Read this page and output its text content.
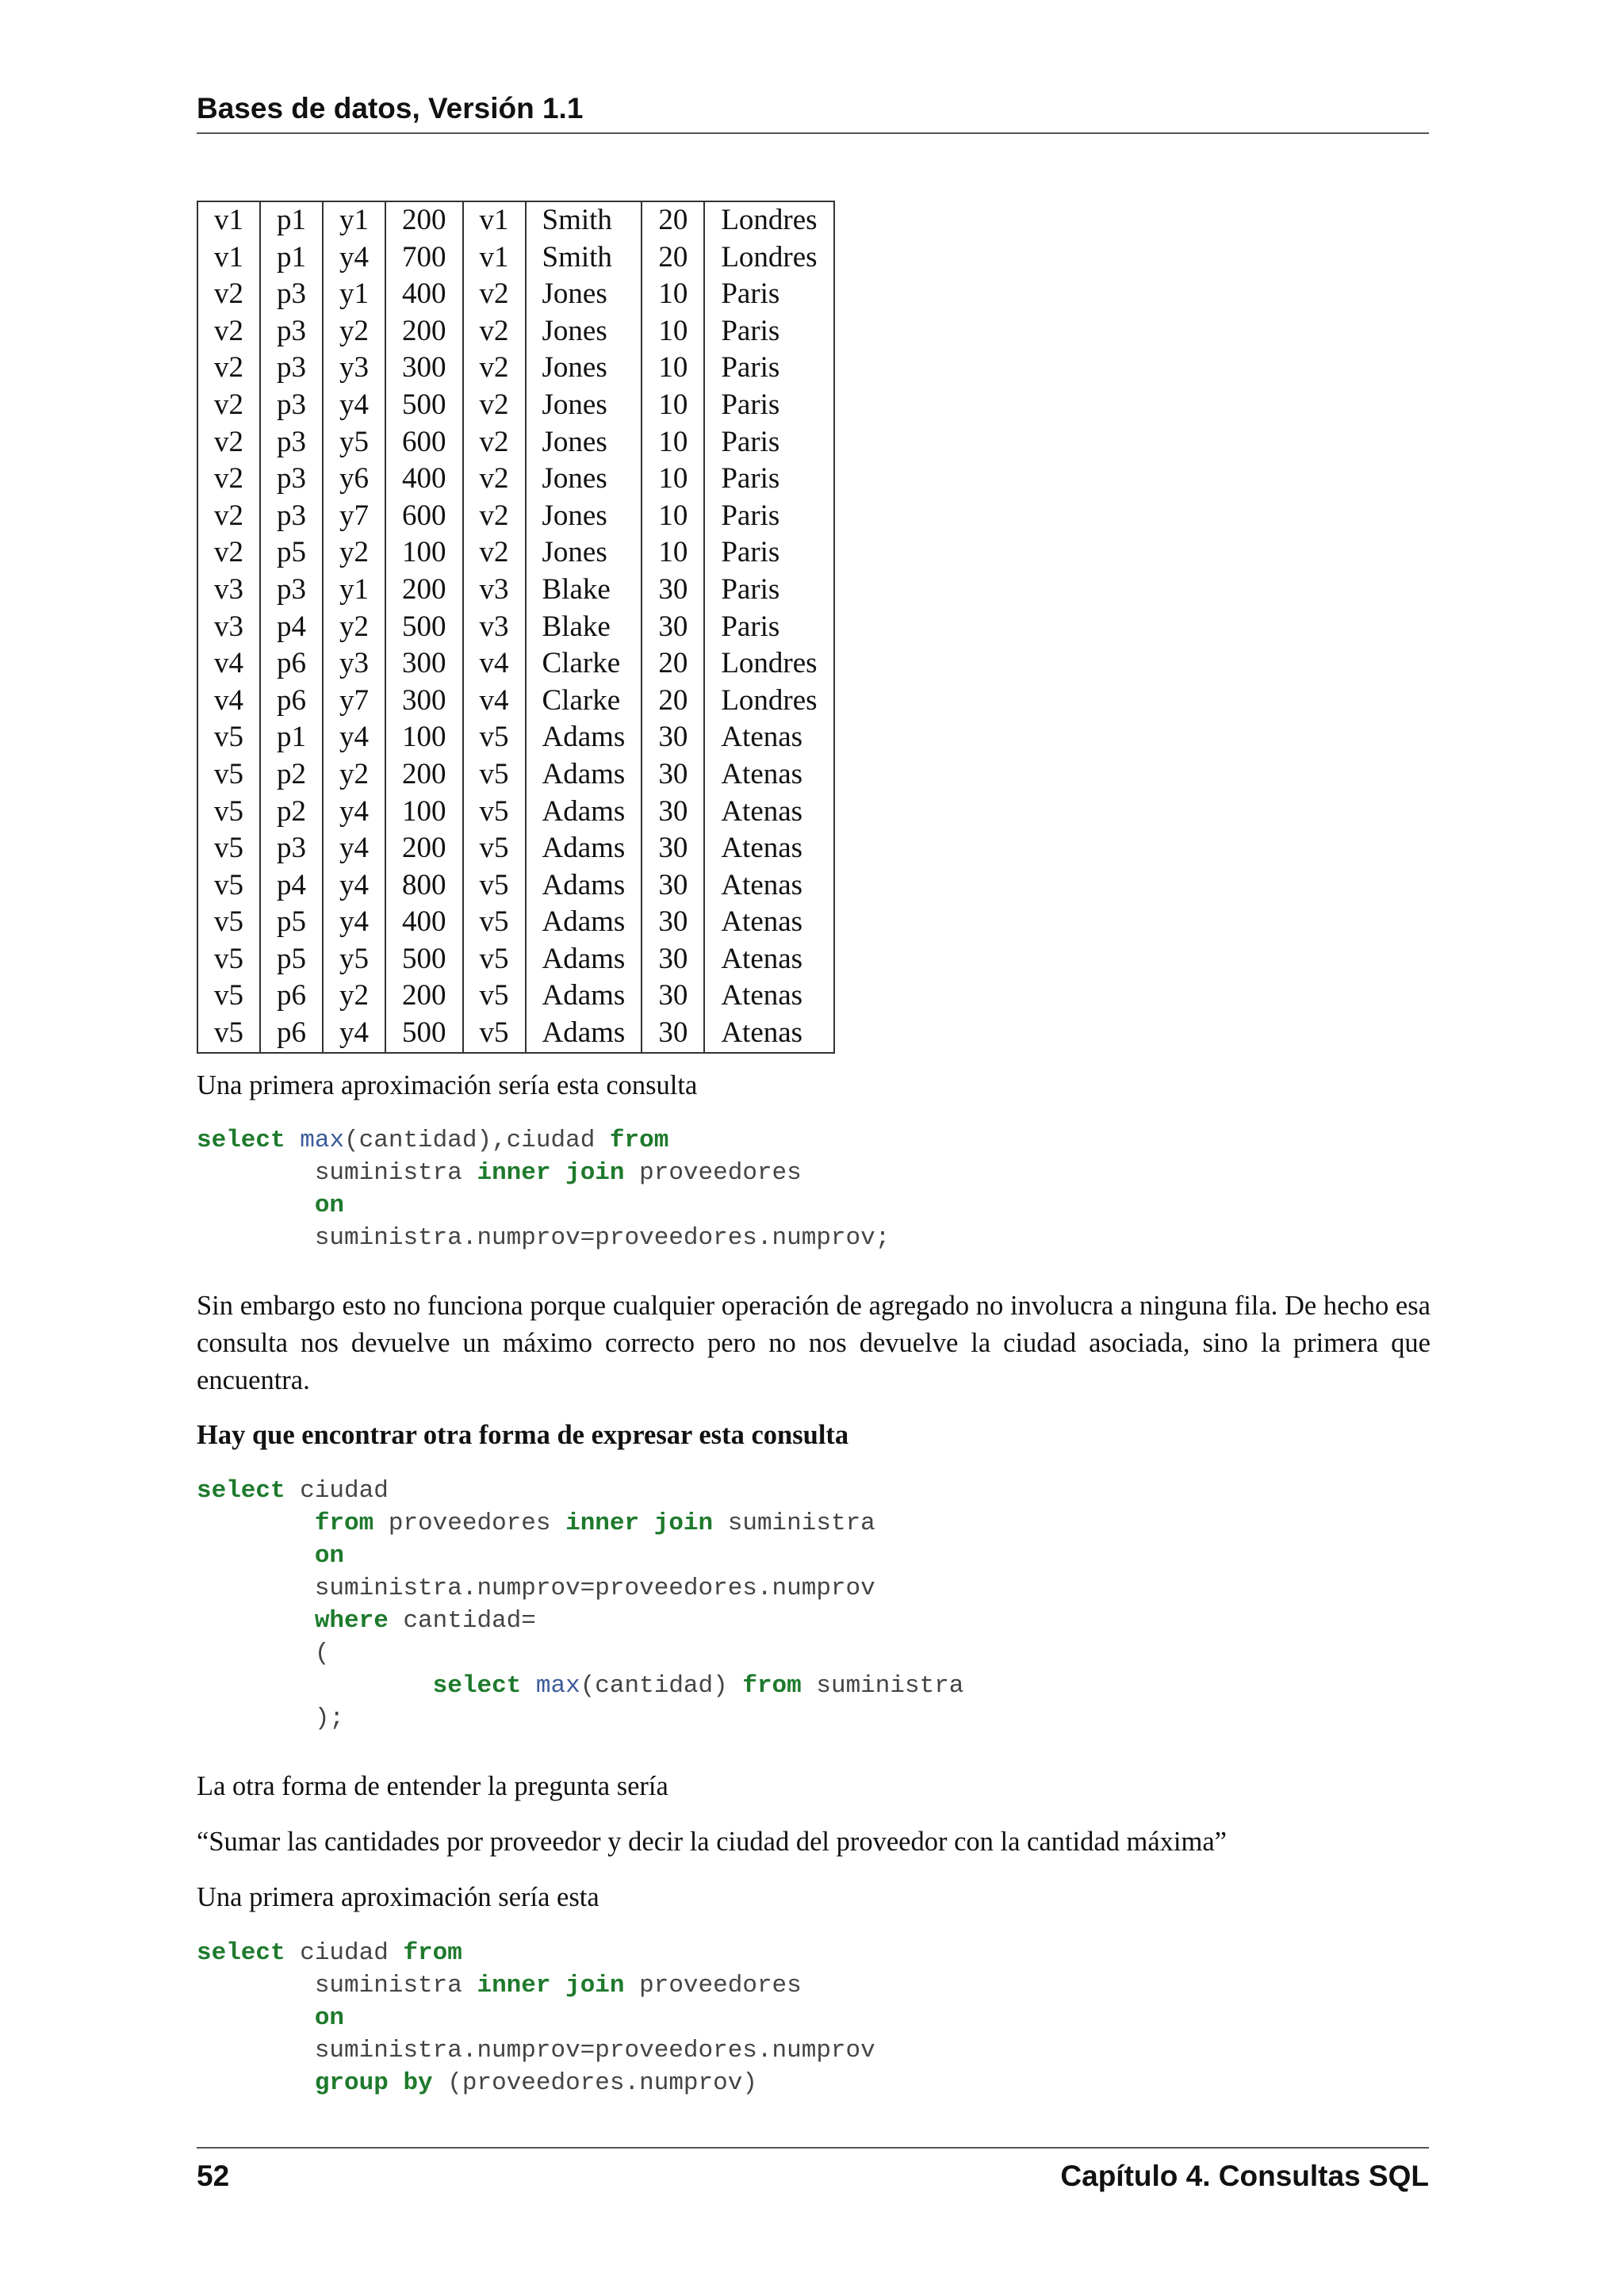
Bases de datos, Versión 1.1
v1	p1	y1	200	v1	Smith	20	Londres
v1	p1	y4	700	v1	Smith	20	Londres
v2	p3	y1	400	v2	Jones	10	Paris
v2	p3	y2	200	v2	Jones	10	Paris
v2	p3	y3	300	v2	Jones	10	Paris
v2	p3	y4	500	v2	Jones	10	Paris
v2	p3	y5	600	v2	Jones	10	Paris
v2	p3	y6	400	v2	Jones	10	Paris
v2	p3	y7	600	v2	Jones	10	Paris
v2	p5	y2	100	v2	Jones	10	Paris
v3	p3	y1	200	v3	Blake	30	Paris
v3	p4	y2	500	v3	Blake	30	Paris
v4	p6	y3	300	v4	Clarke	20	Londres
v4	p6	y7	300	v4	Clarke	20	Londres
v5	p1	y4	100	v5	Adams	30	Atenas
v5	p2	y2	200	v5	Adams	30	Atenas
v5	p2	y4	100	v5	Adams	30	Atenas
v5	p3	y4	200	v5	Adams	30	Atenas
v5	p4	y4	800	v5	Adams	30	Atenas
v5	p5	y4	400	v5	Adams	30	Atenas
v5	p5	y5	500	v5	Adams	30	Atenas
v5	p6	y2	200	v5	Adams	30	Atenas
v5	p6	y4	500	v5	Adams	30	Atenas
Una primera aproximación sería esta consulta
select max(cantidad),ciudad from
suministra inner join proveedores
on
suministra.numprov=proveedores.numprov;
Sin embargo esto no funciona porque cualquier operación de agregado no involucra a ninguna fila. De hecho esa consulta nos devuelve un máximo correcto pero no nos devuelve la ciudad asociada, sino la primera que encuentra.
Hay que encontrar otra forma de expresar esta consulta
select ciudad
from proveedores inner join suministra
on
suministra.numprov=proveedores.numprov
where cantidad=
(
select max(cantidad) from suministra
);
La otra forma de entender la pregunta sería
“Sumar las cantidades por proveedor y decir la ciudad del proveedor con la cantidad máxima”
Una primera aproximación sería esta
select ciudad from
suministra inner join proveedores
on
suministra.numprov=proveedores.numprov
group by (proveedores.numprov)
52	Capítulo 4. Consultas SQL
